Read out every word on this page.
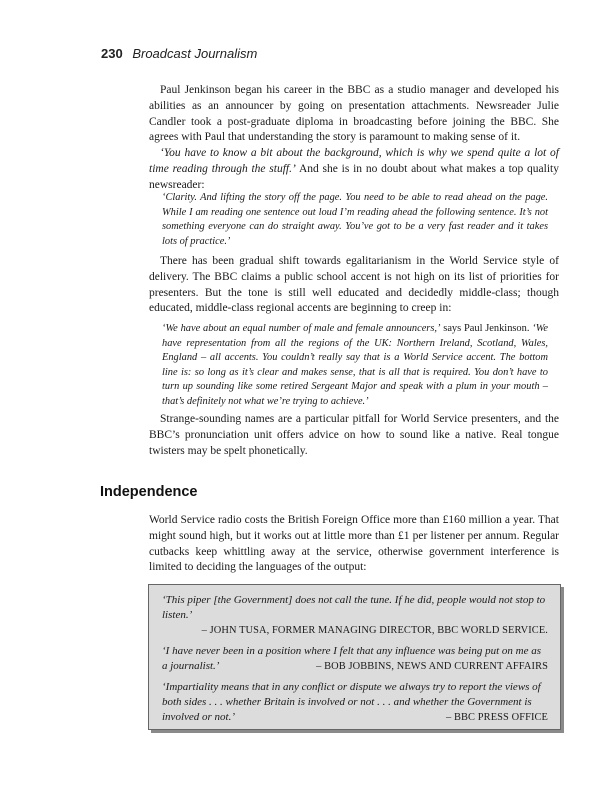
230 Broadcast Journalism

Paul Jenkinson began his career in the BBC as a studio manager and developed his abilities as an announcer by going on presentation attachments. Newsreader Julie Candler took a post-graduate diploma in broadcasting before joining the BBC. She agrees with Paul that understanding the story is paramount to making sense of it.

‘You have to know a bit about the background, which is why we spend quite a lot of time reading through the stuff.’ And she is in no doubt about what makes a top quality newsreader:

‘Clarity. And lifting the story off the page. You need to be able to read ahead on the page. While I am reading one sentence out loud I’m reading ahead the following sentence. It’s not something everyone can do straight away. You’ve got to be a very fast reader and it takes lots of practice.’

There has been gradual shift towards egalitarianism in the World Service style of delivery. The BBC claims a public school accent is not high on its list of priorities for presenters. But the tone is still well educated and decidedly middle-class; though educated, middle-class regional accents are beginning to creep in:

‘We have about an equal number of male and female announcers,’ says Paul Jenkinson. ‘We have representation from all the regions of the UK: Northern Ireland, Scotland, Wales, England – all accents. You couldn’t really say that is a World Service accent. The bottom line is: so long as it’s clear and makes sense, that is all that is required. You don’t have to turn up sounding like some retired Sergeant Major and speak with a plum in your mouth – that’s definitely not what we’re trying to achieve.’

Strange-sounding names are a particular pitfall for World Service presenters, and the BBC’s pronunciation unit offers advice on how to sound like a native. Real tongue twisters may be spelt phonetically.

Independence

World Service radio costs the British Foreign Office more than £160 million a year. That might sound high, but it works out at little more than £1 per listener per annum. Regular cutbacks keep whittling away at the service, otherwise government interference is limited to deciding the languages of the output:

‘This piper [the Government] does not call the tune. If he did, people would not stop to listen.’
– JOHN TUSA, FORMER MANAGING DIRECTOR, BBC WORLD SERVICE.
‘I have never been in a position where I felt that any influence was being put on me as a journalist.’	– BOB JOBBINS, NEWS AND CURRENT AFFAIRS
‘Impartiality means that in any conflict or dispute we always try to report the views of both sides . . . whether Britain is involved or not . . . and whether the Government is involved or not.’	– BBC PRESS OFFICE
